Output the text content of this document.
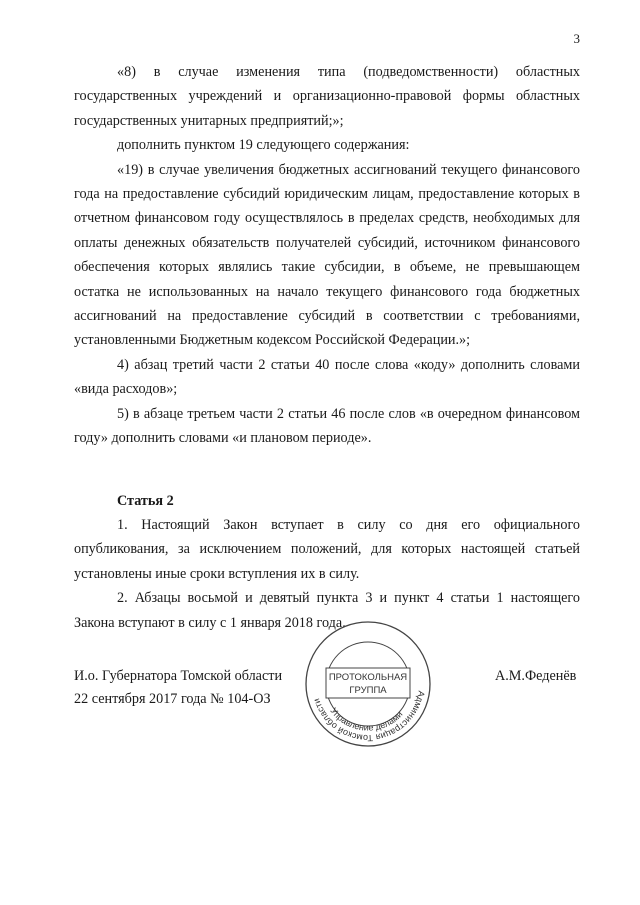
3

«8) в случае изменения типа (подведомственности) областных государственных учреждений и организационно-правовой формы областных государственных унитарных предприятий;»;

дополнить пунктом 19 следующего содержания:

«19) в случае увеличения бюджетных ассигнований текущего финансового года на предоставление субсидий юридическим лицам, предоставление которых в отчетном финансовом году осуществлялось в пределах средств, необходимых для оплаты денежных обязательств получателей субсидий, источником финансового обеспечения которых являлись такие субсидии, в объеме, не превышающем остатка не использованных на начало текущего финансового года бюджетных ассигнований на предоставление субсидий в соответствии с требованиями, установленными Бюджетным кодексом Российской Федерации.»;

4) абзац третий части 2 статьи 40 после слова «коду» дополнить словами «вида расходов»;

5) в абзаце третьем части 2 статьи 46 после слов «в очередном финансовом году» дополнить словами «и плановом периоде».

Статья 2

1. Настоящий Закон вступает в силу со дня его официального опубликования, за исключением положений, для которых настоящей статьей установлены иные сроки вступления их в силу.

2. Абзацы восьмой и девятый пункта 3 и пункт 4 статьи 1 настоящего Закона вступают в силу с 1 января 2018 года.

И.о. Губернатора Томской области
22 сентября 2017 года № 104-ОЗ
А.М.Феденёв
Администрация Томской области
Управление делами
ПРОТОКОЛЬНАЯ
ГРУППА
